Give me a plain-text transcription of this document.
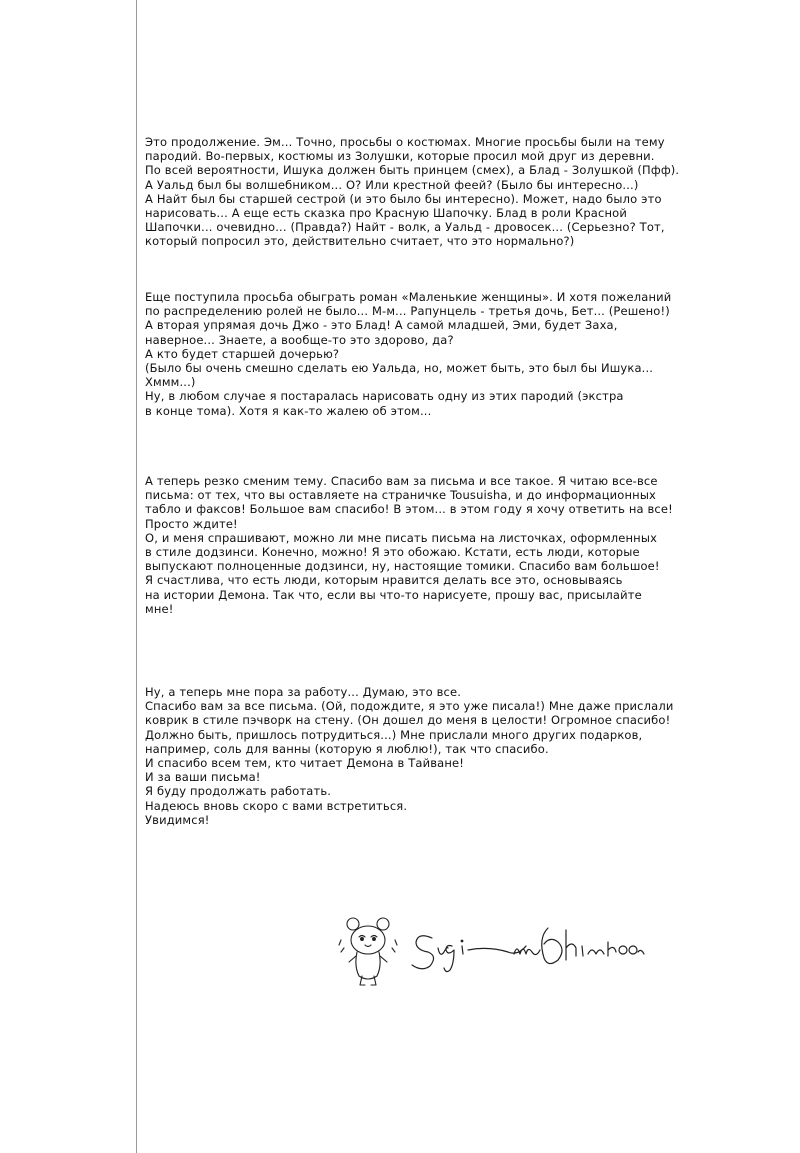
Это продолжение. Эм... Точно, просьбы о костюмах. Многие просьбы были на тему
пародий. Во-первых, костюмы из Золушки, которые просил мой друг из деревни.
По всей вероятности, Ишука должен быть принцем (смех), а Блад - Золушкой (Пфф).
А Уальд был бы волшебником... О? Или крестной феей? (Было бы интересно...)
А Найт был бы старшей сестрой (и это было бы интересно). Может, надо было это
нарисовать... А еще есть сказка про Красную Шапочку. Блад в роли Красной
Шапочки... очевидно... (Правда?) Найт - волк, а Уальд - дровосек... (Серьезно? Тот,
который попросил это, действительно считает, что это нормально?)
Еще поступила просьба обыграть роман «Маленькие женщины». И хотя пожеланий
по распределению ролей не было... М-м... Рапунцель - третья дочь, Бет... (Решено!)
А вторая упрямая дочь Джо - это Блад! А самой младшей, Эми, будет Заха,
наверное... Знаете, а вообще-то это здорово, да?
А кто будет старшей дочерью?
(Было бы очень смешно сделать ею Уальда, но, может быть, это был бы Ишука...
Хммм...)
Ну, в любом случае я постаралась нарисовать одну из этих пародий (экстра
в конце тома). Хотя я как-то жалею об этом...
А теперь резко сменим тему. Спасибо вам за письма и все такое. Я читаю все-все
письма: от тех, что вы оставляете на страничке Tousuisha, и до информационных
табло и факсов! Большое вам спасибо! В этом... в этом году я хочу ответить на все!
Просто ждите!
О, и меня спрашивают, можно ли мне писать письма на листочках, оформленных
в стиле додзинси. Конечно, можно! Я это обожаю. Кстати, есть люди, которые
выпускают полноценные додзинси, ну, настоящие томики. Спасибо вам большое!
Я счастлива, что есть люди, которым нравится делать все это, основываясь
на истории Демона. Так что, если вы что-то нарисуете, прошу вас, присылайте
мне!
Ну, а теперь мне пора за работу... Думаю, это все.
Спасибо вам за все письма. (Ой, подождите, я это уже писала!) Мне даже прислали
коврик в стиле пэчворк на стену. (Он дошел до меня в целости! Огромное спасибо!
Должно быть, пришлось потрудиться...) Мне прислали много других подарков,
например, соль для ванны (которую я люблю!), так что спасибо.
И спасибо всем тем, кто читает Демона в Тайване!
И за ваши письма!
Я буду продолжать работать.
Надеюсь вновь скоро с вами встретиться.
Увидимся!
